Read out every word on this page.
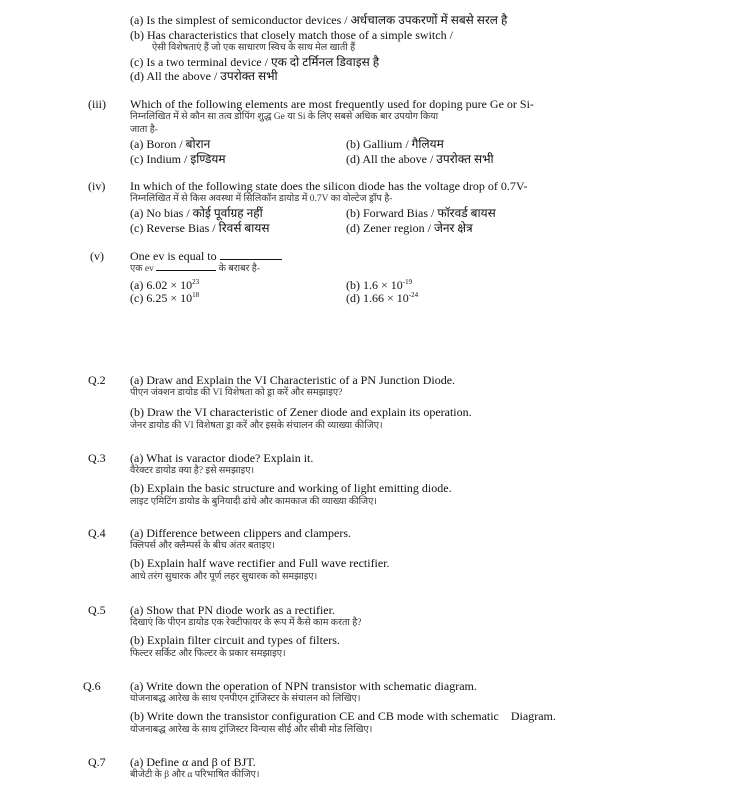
(a) Is the simplest of semiconductor devices / अर्धचालक उपकरणों में सबसे सरल है
(b) Has characteristics that closely match those of a simple switch /
ऐसी विशेषताएं हैं जो एक साधारण स्विच के साथ मेल खाती हैं
(c) Is a two terminal device / एक दो टर्मिनल डिवाइस है
(d) All the above / उपरोक्त सभी
(iii) Which of the following elements are most frequently used for doping pure Ge or Si-
निम्नलिखित में से कौन सा तत्व डोपिंग शुद्ध Ge या Si के लिए सबसे अधिक बार उपयोग किया
जाता है-
(a) Boron / बोरान	(b) Gallium / गैलियम
(c) Indium / इण्डियम	(d) All the above / उपरोक्त सभी
(iv) In which of the following state does the silicon diode has the voltage drop of 0.7V-
निम्नलिखित में से किस अवस्था में सिलिकॉन डायोड में 0.7V का वोल्टेज ड्रॉप है-
(a) No bias / कोई पूर्वाग्रह नहीं	(b) Forward Bias / फॉरवर्ड बायस
(c) Reverse Bias / रिवर्स बायस	(d) Zener region / जेनर क्षेत्र
(v) One ev is equal to
एक ev	के बराबर है-
(a) $6.02 \times 10^{23}$	(b) $1.6 \times 10^{-19}$
(c) $6.25 \times 10^{18}$	(d) $1.66 \times 10^{-24}$
Q.2 (a) Draw and Explain the VI Characteristic of a PN Junction Diode.
पीएन जंक्शन डायोड की VI विशेषता को ड्रा करें और समझाइए?
(b) Draw the VI characteristic of Zener diode and explain its operation.
जेनर डायोड की VI विशेषता ड्रा करें और इसके संचालन की व्याख्या कीजिए।
Q.3 (a) What is varactor diode? Explain it.
वैरेक्टर डायोड क्या है? इसे समझाइए।
(b) Explain the basic structure and working of light emitting diode.
लाइट एमिटिंग डायोड के बुनियादी ढांचे और कामकाज की व्याख्या कीजिए।
Q.4 (a) Difference between clippers and clampers.
क्लिपर्स और क्लैम्पर्स के बीच अंतर बताइए।
(b) Explain half wave rectifier and Full wave rectifier.
आधे तरंग सुधारक और पूर्ण लहर सुधारक को समझाइए।
Q.5 (a) Show that PN diode work as a rectifier.
दिखाएं कि पीएन डायोड एक रेक्टीफायर के रूप में कैसे काम करता है?
(b) Explain filter circuit and types of filters.
फिल्टर सर्किट और फिल्टर के प्रकार समझाइए।
Q.6 (a) Write down the operation of NPN transistor with schematic diagram.
योजनाबद्ध आरेख के साथ एनपीएन ट्रांजिस्टर के संचालन को लिखिए।
(b) Write down the transistor configuration CE and CB mode with schematic    Diagram.
योजनाबद्ध आरेख के साथ ट्रांजिस्टर विन्यास सीई और सीबी मोड लिखिए।
Q.7 (a) Define α and β of BJT.
बीजेटी के β और α परिभाषित कीजिए।
